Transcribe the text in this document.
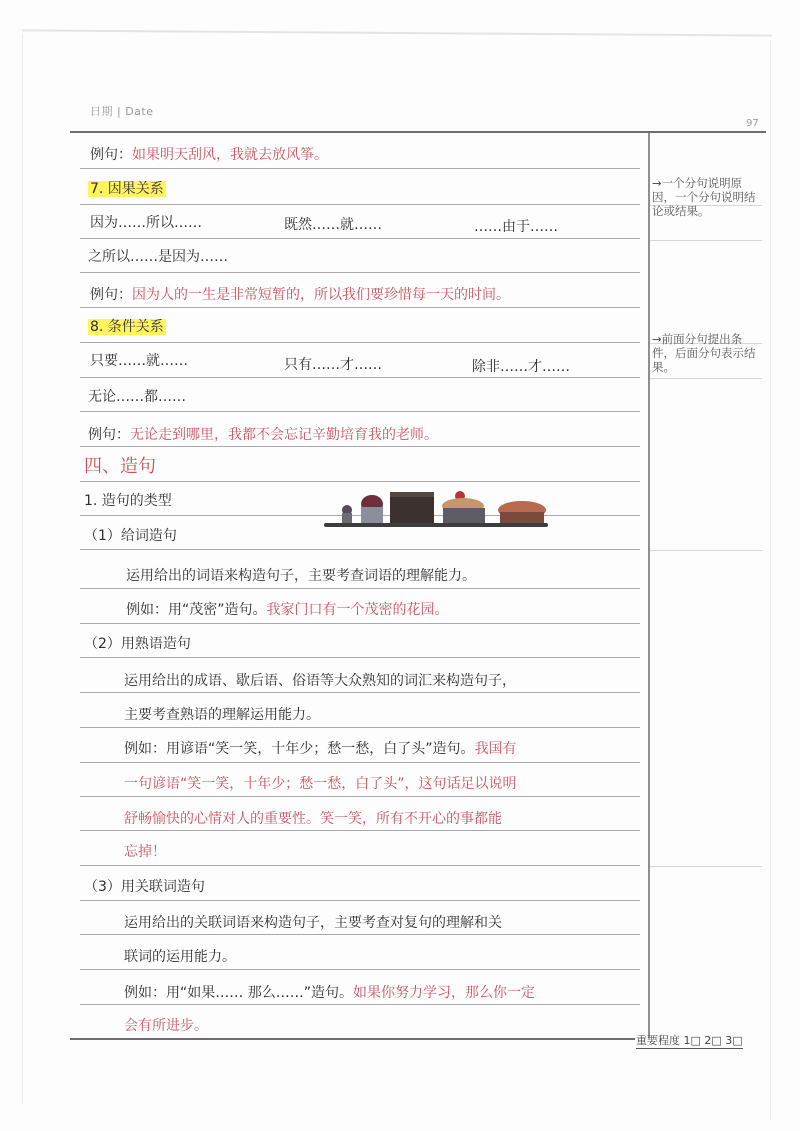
日期 | Date
97
例句：如果明天刮风，我就去放风筝。
7. 因果关系
因为……所以……	既然……就……	……由于……
之所以……是因为……
例句：因为人的一生是非常短暂的，所以我们要珍惜每一天的时间。
8. 条件关系
只要……就……	只有……才……	除非……才……
无论……都……
例句：无论走到哪里，我都不会忘记辛勤培育我的老师。
四、造句
1. 造句的类型
（1）给词造句
运用给出的词语来构造句子，主要考查词语的理解能力。
例如：用“茂密”造句。我家门口有一个茂密的花园。
（2）用熟语造句
运用给出的成语、歇后语、俗语等大众熟知的词汇来构造句子，
主要考查熟语的理解运用能力。
例如：用谚语“笑一笑，十年少；愁一愁，白了头”造句。我国有
一句谚语“笑一笑，十年少；愁一愁，白了头”，这句话足以说明
舒畅愉快的心情对人的重要性。笑一笑，所有不开心的事都能
忘掉！
（3）用关联词造句
运用给出的关联词语来构造句子，主要考查对复句的理解和关
联词的运用能力。
例如：用“如果…… 那么……”造句。如果你努力学习，那么你一定
会有所进步。
→一个分句说明原因，一个分句说明结论或结果。
→前面分句提出条件，后面分句表示结果。
重要程度 1□ 2□ 3□
